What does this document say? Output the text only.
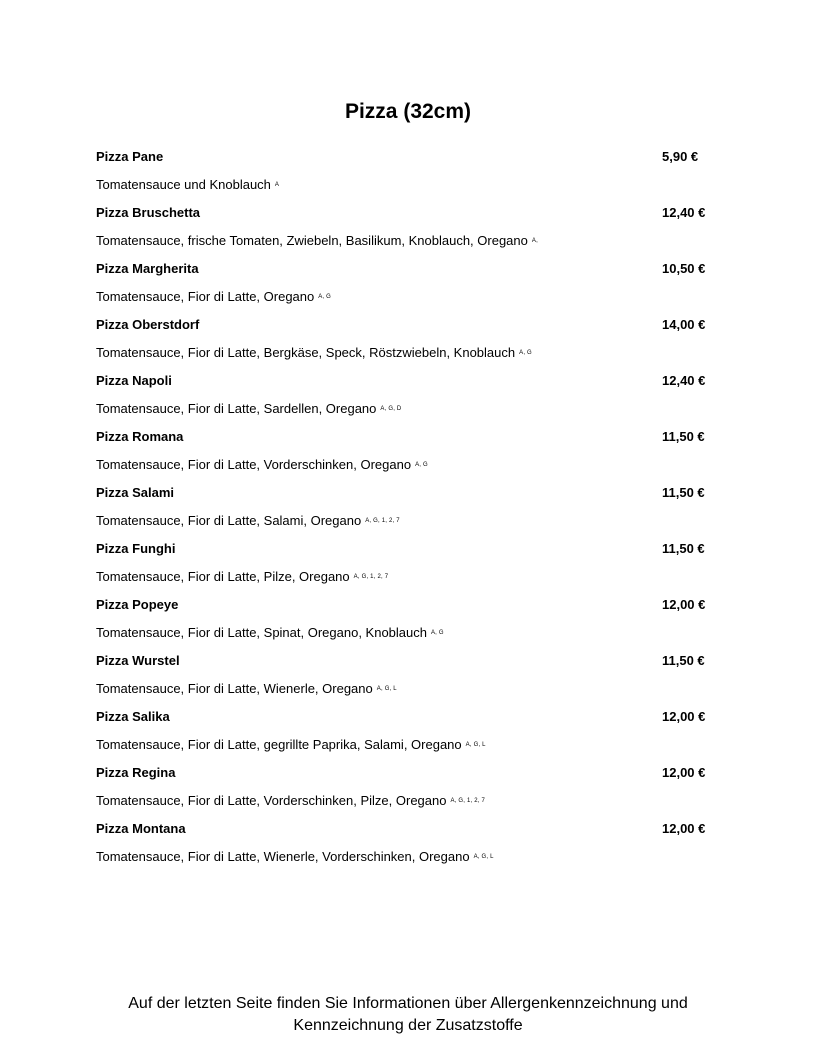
Pizza (32cm)
Pizza Pane	5,90 €
Tomatensauce und Knoblauch A
Pizza Bruschetta	12,40 €
Tomatensauce, frische Tomaten, Zwiebeln, Basilikum, Knoblauch, Oregano A,
Pizza Margherita	10,50 €
Tomatensauce, Fior di Latte, Oregano A, G
Pizza Oberstdorf	14,00 €
Tomatensauce, Fior di Latte, Bergkäse, Speck, Röstzwiebeln, Knoblauch A, G
Pizza Napoli	12,40 €
Tomatensauce, Fior di Latte, Sardellen, Oregano A, G, D
Pizza Romana	11,50 €
Tomatensauce, Fior di Latte, Vorderschinken, Oregano A, G
Pizza Salami	11,50 €
Tomatensauce, Fior di Latte, Salami, Oregano A, G, 1, 2, 7
Pizza Funghi	11,50 €
Tomatensauce, Fior di Latte, Pilze, Oregano A, G, 1, 2, 7
Pizza Popeye	12,00 €
Tomatensauce, Fior di Latte, Spinat, Oregano, Knoblauch A, G
Pizza Wurstel	11,50 €
Tomatensauce, Fior di Latte, Wienerle, Oregano A, G, L
Pizza Salika	12,00 €
Tomatensauce, Fior di Latte, gegrillte Paprika, Salami, Oregano A, G, L
Pizza Regina	12,00 €
Tomatensauce, Fior di Latte, Vorderschinken, Pilze, Oregano A, G, 1, 2, 7
Pizza Montana	12,00 €
Tomatensauce, Fior di Latte, Wienerle, Vorderschinken, Oregano A, G, L
Auf der letzten Seite finden Sie Informationen über Allergenkennzeichnung und
Kennzeichnung der Zusatzstoffe
